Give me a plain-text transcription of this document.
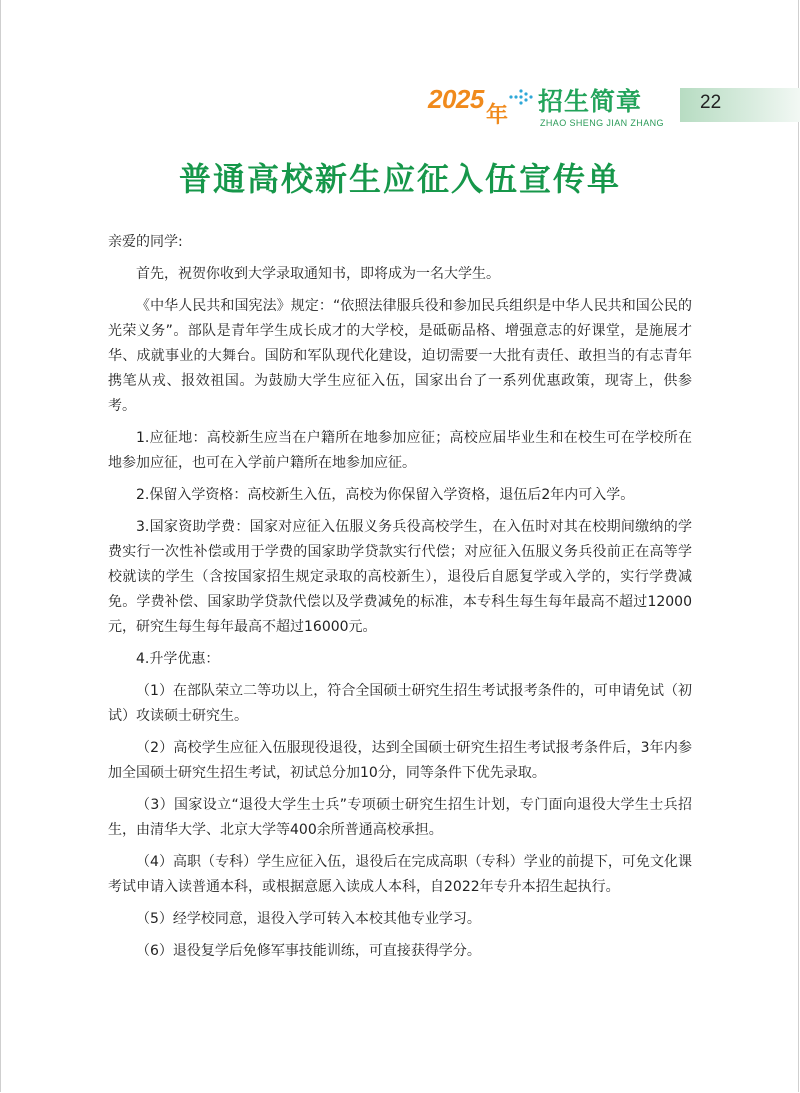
2025
年 招生简章
ZHAO SHENG JIAN ZHANG
22
普通高校新生应征入伍宣传单

亲爱的同学:

首先，祝贺你收到大学录取通知书，即将成为一名大学生。

《中华人民共和国宪法》规定：“依照法律服兵役和参加民兵组织是中华人民共和国公民的光荣义务”。部队是青年学生成长成才的大学校，是砥砺品格、增强意志的好课堂，是施展才华、成就事业的大舞台。国防和军队现代化建设，迫切需要一大批有责任、敢担当的有志青年携笔从戎、报效祖国。为鼓励大学生应征入伍，国家出台了一系列优惠政策，现寄上，供参考。

1.应征地：高校新生应当在户籍所在地参加应征；高校应届毕业生和在校生可在学校所在地参加应征，也可在入学前户籍所在地参加应征。

2.保留入学资格：高校新生入伍，高校为你保留入学资格，退伍后2年内可入学。

3.国家资助学费：国家对应征入伍服义务兵役高校学生，在入伍时对其在校期间缴纳的学费实行一次性补偿或用于学费的国家助学贷款实行代偿；对应征入伍服义务兵役前正在高等学校就读的学生（含按国家招生规定录取的高校新生），退役后自愿复学或入学的，实行学费减免。学费补偿、国家助学贷款代偿以及学费减免的标准，本专科生每生每年最高不超过12000元，研究生每生每年最高不超过16000元。

4.升学优惠：

（1）在部队荣立二等功以上，符合全国硕士研究生招生考试报考条件的，可申请免试（初试）攻读硕士研究生。

（2）高校学生应征入伍服现役退役，达到全国硕士研究生招生考试报考条件后，3年内参加全国硕士研究生招生考试，初试总分加10分，同等条件下优先录取。

（3）国家设立“退役大学生士兵”专项硕士研究生招生计划，专门面向退役大学生士兵招生，由清华大学、北京大学等400余所普通高校承担。

（4）高职（专科）学生应征入伍，退役后在完成高职（专科）学业的前提下，可免文化课考试申请入读普通本科，或根据意愿入读成人本科，自2022年专升本招生起执行。

（5）经学校同意，退役入学可转入本校其他专业学习。

（6）退役复学后免修军事技能训练，可直接获得学分。
